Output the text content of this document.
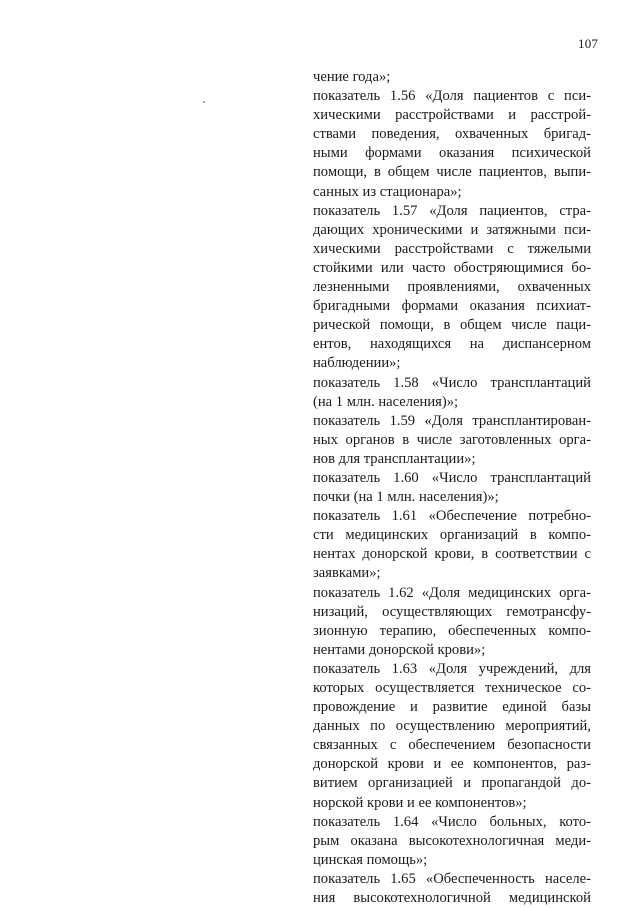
107
чение года»;
показатель 1.56 «Доля пациентов с пси-
хическими расстройствами и расстрой-
ствами поведения, охваченных бригад-
ными формами оказания психической
помощи, в общем числе пациентов, выпи-
санных из стационара»;
показатель 1.57 «Доля пациентов, стра-
дающих хроническими и затяжными пси-
хическими расстройствами с тяжелыми
стойкими или часто обостряющимися бо-
лезненными проявлениями, охваченных
бригадными формами оказания психиат-
рической помощи, в общем числе паци-
ентов, находящихся на диспансерном
наблюдении»;
показатель 1.58 «Число трансплантаций
(на 1 млн. населения)»;
показатель 1.59 «Доля трансплантирован-
ных органов в числе заготовленных орга-
нов для трансплантации»;
показатель 1.60 «Число трансплантаций
почки (на 1 млн. населения)»;
показатель 1.61 «Обеспечение потребно-
сти медицинских организаций в компо-
нентах донорской крови, в соответствии с
заявками»;
показатель 1.62 «Доля медицинских орга-
низаций, осуществляющих гемотрансфу-
зионную терапию, обеспеченных компо-
нентами донорской крови»;
показатель 1.63 «Доля учреждений, для
которых осуществляется техническое со-
провождение и развитие единой базы
данных по осуществлению мероприятий,
связанных с обеспечением безопасности
донорской крови и ее компонентов, раз-
витием организацией и пропагандой до-
норской крови и ее компонентов»;
показатель 1.64 «Число больных, кото-
рым оказана высокотехнологичная меди-
цинская помощь»;
показатель 1.65 «Обеспеченность населе-
ния высокотехнологичной медицинской
